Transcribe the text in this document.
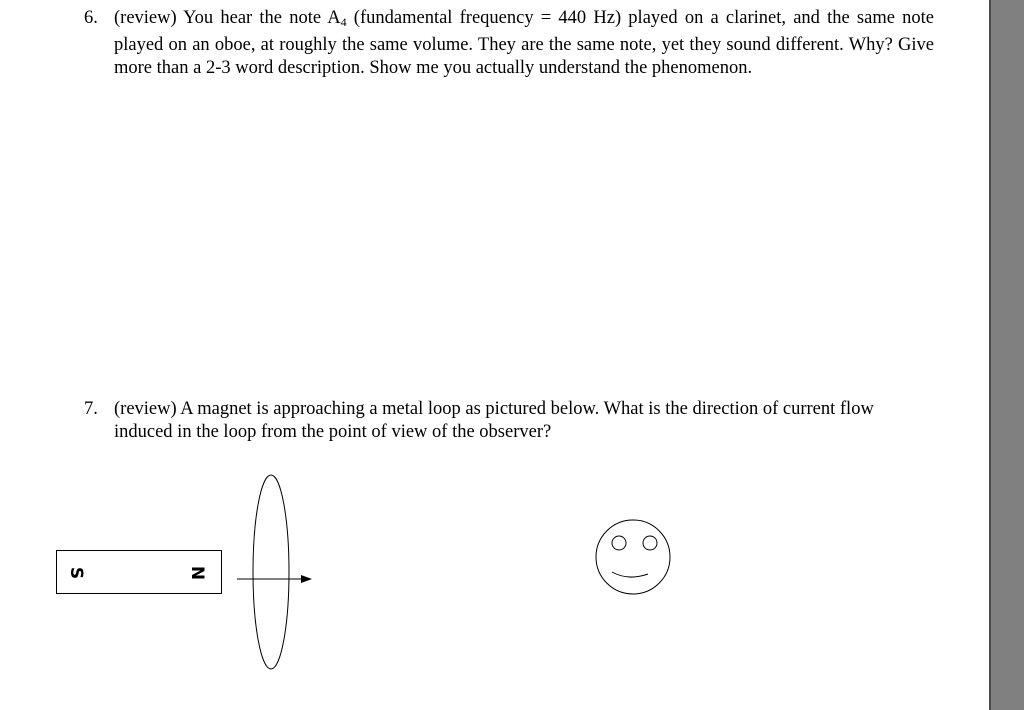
6. (review) You hear the note $A_4$ (fundamental frequency = 440 Hz) played on a clarinet, and the same note played on an oboe, at roughly the same volume. They are the same note, yet they sound different. Why? Give more than a 2-3 word description. Show me you actually understand the phenomenon.
7. (review) A magnet is approaching a metal loop as pictured below. What is the direction of current flow induced in the loop from the point of view of the observer?
S	N
